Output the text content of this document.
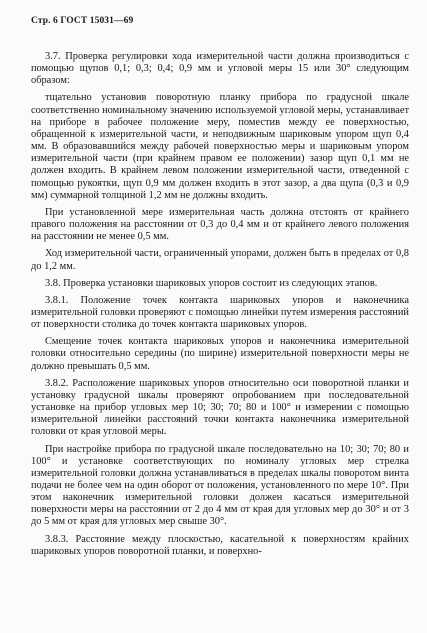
Стр. 6 ГОСТ 15031—69

3.7. Проверка регулировки хода измерительной части должна производиться с помощью щупов 0,1; 0,3; 0,4; 0,9 мм и угловой меры 15 или 30° следующим образом:

тщательно установив поворотную планку прибора по градусной шкале соответственно номинальному значению используемой угловой меры, устанавливает на приборе в рабочее положение меру, поместив между ее поверхностью, обращенной к измерительной части, и неподвижным шариковым упором щуп 0,4 мм. В образовавшийся между рабочей поверхностью меры и шариковым упором измерительной части (при крайнем правом ее положении) зазор щуп 0,1 мм не должен входить. В крайнем левом положении измерительной части, отведенной с помощью рукоятки, щуп 0,9 мм должен входить в этот зазор, а два щупа (0,3 и 0,9 мм) суммарной толщиной 1,2 мм не должны входить.

При установленной мере измерительная часть должна отстоять от крайнего правого положения на расстоянии от 0,3 до 0,4 мм и от крайнего левого положения на расстоянии не менее 0,5 мм.

Ход измерительной части, ограниченный упорами, должен быть в пределах от 0,8 до 1,2 мм.

3.8. Проверка установки шариковых упоров состоит из следующих этапов.

3.8.1. Положение точек контакта шариковых упоров и наконечника измерительной головки проверяют с помощью линейки путем измерения расстояний от поверхности столика до точек контакта шариковых упоров.

Смещение точек контакта шариковых упоров и наконечника измерительной головки относительно середины (по ширине) измерительной поверхности меры не должно превышать 0,5 мм.

3.8.2. Расположение шариковых упоров относительно оси поворотной планки и установку градусной шкалы проверяют опробованием при последовательной установке на прибор угловых мер 10; 30; 70; 80 и 100° и измерении с помощью измерительной линейки расстояний точки контакта наконечника измерительной головки от края угловой меры.

При настройке прибора по градусной шкале последовательно на 10; 30; 70; 80 и 100° и установке соответствующих по номиналу угловых мер стрелка измерительной головки должна устанавливаться в пределах шкалы поворотом винта подачи не более чем на один оборот от положения, установленного по мере 10°. При этом наконечник измерительной головки должен касаться измерительной поверхности меры на расстоянии от 2 до 4 мм от края для угловых мер до 30° и от 3 до 5 мм от края для угловых мер свыше 30°.

3.8.3. Расстояние между плоскостью, касательной к поверхностям крайних шариковых упоров поворотной планки, и поверхно-
